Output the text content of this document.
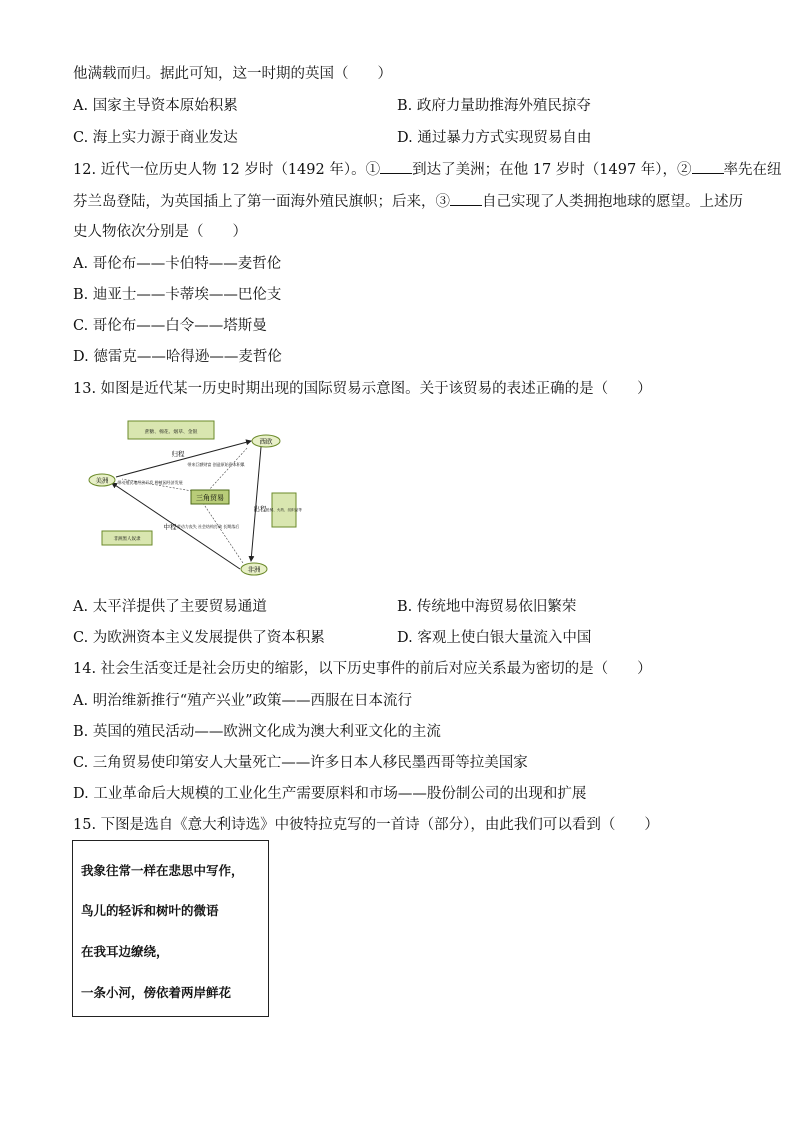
他满载而归。据此可知，这一时期的英国（　　）
A. 国家主导资本原始积累	B. 政府力量助推海外殖民掠夺
C. 海上实力源于商业发达	D. 通过暴力方式实现贸易自由
12. 近代一位历史人物 12 岁时（1492 年）。① 到达了美洲；在他 17 岁时（1497 年），② 率先在纽
芬兰岛登陆，为英国插上了第一面海外殖民旗帜；后来，③ 自己实现了人类拥抱地球的愿望。上述历
史人物依次分别是（　　）
A. 哥伦布——卡伯特——麦哲伦
B. 迪亚士——卡蒂埃——巴伦支
C. 哥伦布——白令——塔斯曼
D. 德雷克——哈得逊——麦哲伦
13. 如图是近代某一历史时期出现的国际贸易示意图。关于该贸易的表述正确的是（　　）
蔗糖、棉花、烟草、金银
西欧
美洲
非洲
三角贸易
归程
出程
中程
带来巨额财富 创造原始资本积累
带动殖民地经济开发 种植园经济发展
劳动力丧失 社会结构打破 长期落后
枪械、火药、纺织品等
非洲黑人奴隶
A. 太平洋提供了主要贸易通道	B. 传统地中海贸易依旧繁荣
C. 为欧洲资本主义发展提供了资本积累	D. 客观上使白银大量流入中国
14. 社会生活变迁是社会历史的缩影，以下历史事件的前后对应关系最为密切的是（　　）
A. 明治维新推行“殖产兴业”政策——西服在日本流行
B. 英国的殖民活动——欧洲文化成为澳大利亚文化的主流
C. 三角贸易使印第安人大量死亡——许多日本人移民墨西哥等拉美国家
D. 工业革命后大规模的工业化生产需要原料和市场——股份制公司的出现和扩展
15. 下图是选自《意大利诗选》中彼特拉克写的一首诗（部分），由此我们可以看到（　　）
我象往常一样在悲思中写作，
鸟儿的轻诉和树叶的微语
在我耳边缭绕，
一条小河，傍依着两岸鲜花
